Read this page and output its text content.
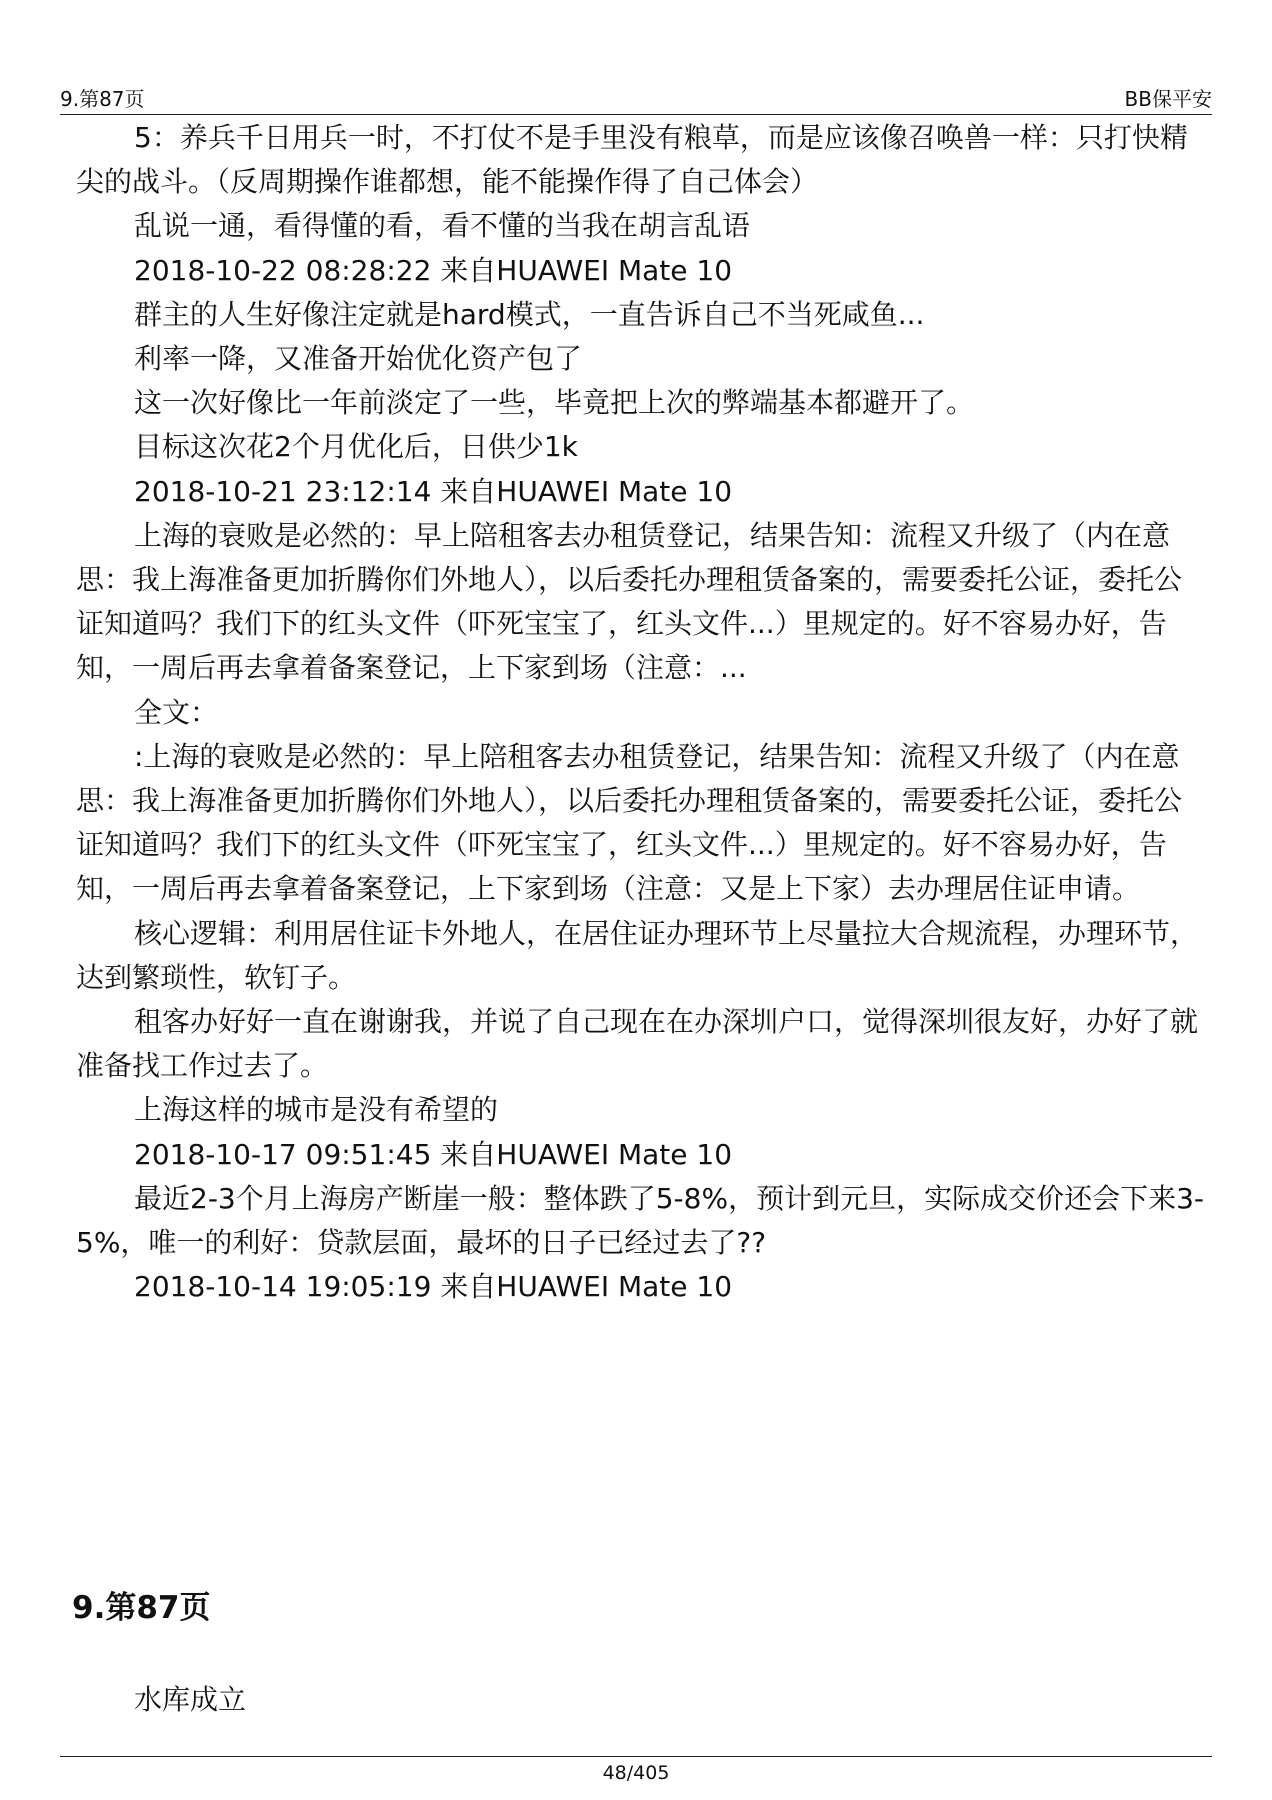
9.第87页	BB保平安

5：养兵千日用兵一时，不打仗不是手里没有粮草，而是应该像召唤兽一样：只打快精尖的战斗。（反周期操作谁都想，能不能操作得了自己体会）

乱说一通，看得懂的看，看不懂的当我在胡言乱语

2018-10-22 08:28:22 来自HUAWEI Mate 10

群主的人生好像注定就是hard模式，一直告诉自己不当死咸鱼...

利率一降，又准备开始优化资产包了

这一次好像比一年前淡定了一些，毕竟把上次的弊端基本都避开了。

目标这次花2个月优化后，日供少1k

2018-10-21 23:12:14 来自HUAWEI Mate 10

上海的衰败是必然的：早上陪租客去办租赁登记，结果告知：流程又升级了（内在意思：我上海准备更加折腾你们外地人），以后委托办理租赁备案的，需要委托公证，委托公证知道吗？我们下的红头文件（吓死宝宝了，红头文件...）里规定的。好不容易办好，告知，一周后再去拿着备案登记，上下家到场（注意：...

全文：

:上海的衰败是必然的：早上陪租客去办租赁登记，结果告知：流程又升级了（内在意思：我上海准备更加折腾你们外地人），以后委托办理租赁备案的，需要委托公证，委托公证知道吗？我们下的红头文件（吓死宝宝了，红头文件...）里规定的。好不容易办好，告知，一周后再去拿着备案登记，上下家到场（注意：又是上下家）去办理居住证申请。

核心逻辑：利用居住证卡外地人，在居住证办理环节上尽量拉大合规流程，办理环节，达到繁琐性，软钉子。

租客办好好一直在谢谢我，并说了自己现在在办深圳户口，觉得深圳很友好，办好了就准备找工作过去了。

上海这样的城市是没有希望的

2018-10-17 09:51:45 来自HUAWEI Mate 10

最近2-3个月上海房产断崖一般：整体跌了5-8%，预计到元旦，实际成交价还会下来3-5%，唯一的利好：贷款层面，最坏的日子已经过去了??

2018-10-14 19:05:19 来自HUAWEI Mate 10

9.第87页
水库成立
48/405
